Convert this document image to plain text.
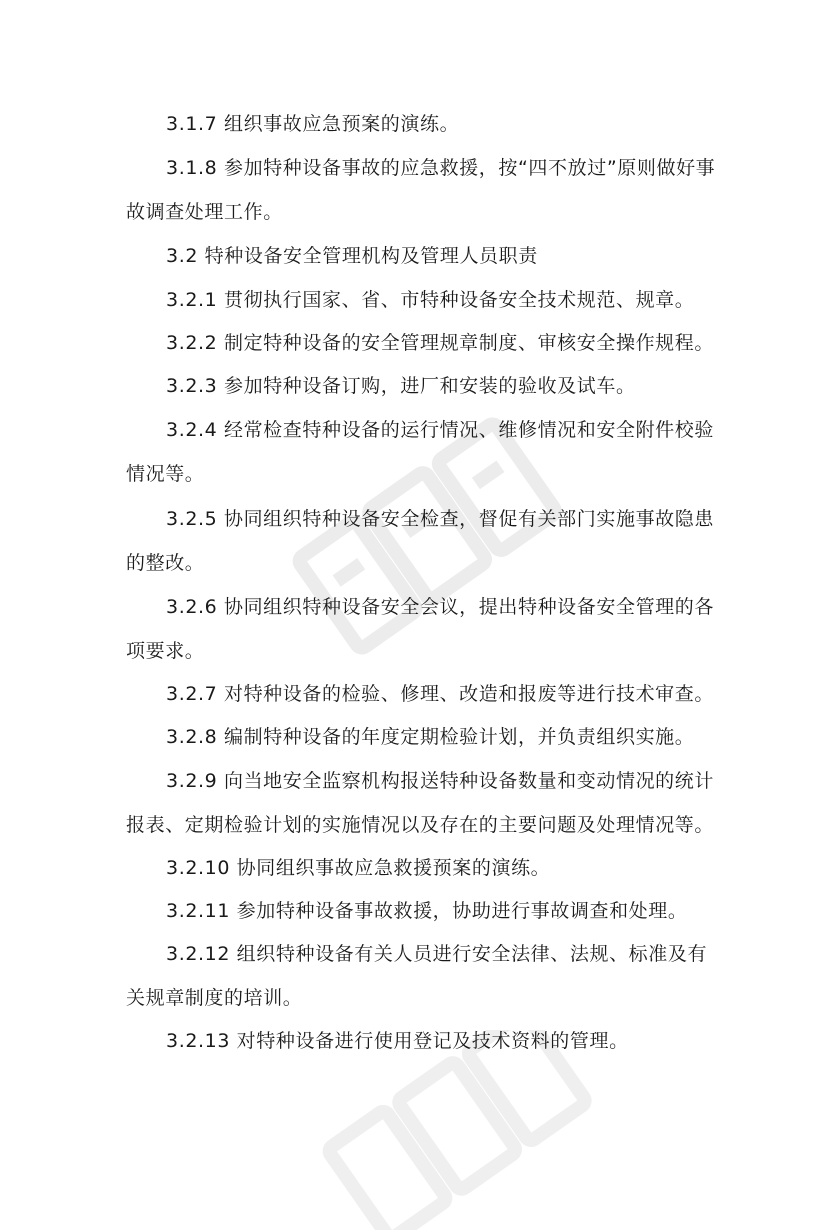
3.1.7 组织事故应急预案的演练。

3.1.8 参加特种设备事故的应急救援，按“四不放过”原则做好事故调查处理工作。

3.2 特种设备安全管理机构及管理人员职责

3.2.1 贯彻执行国家、省、市特种设备安全技术规范、规章。

3.2.2 制定特种设备的安全管理规章制度、审核安全操作规程。

3.2.3 参加特种设备订购，进厂和安装的验收及试车。

3.2.4 经常检查特种设备的运行情况、维修情况和安全附件校验情况等。

3.2.5 协同组织特种设备安全检查，督促有关部门实施事故隐患的整改。

3.2.6 协同组织特种设备安全会议，提出特种设备安全管理的各项要求。

3.2.7 对特种设备的检验、修理、改造和报废等进行技术审查。

3.2.8 编制特种设备的年度定期检验计划，并负责组织实施。

3.2.9 向当地安全监察机构报送特种设备数量和变动情况的统计报表、定期检验计划的实施情况以及存在的主要问题及处理情况等。

3.2.10 协同组织事故应急救援预案的演练。

3.2.11 参加特种设备事故救援，协助进行事故调查和处理。

3.2.12 组织特种设备有关人员进行安全法律、法规、标准及有关规章制度的培训。

3.2.13 对特种设备进行使用登记及技术资料的管理。
